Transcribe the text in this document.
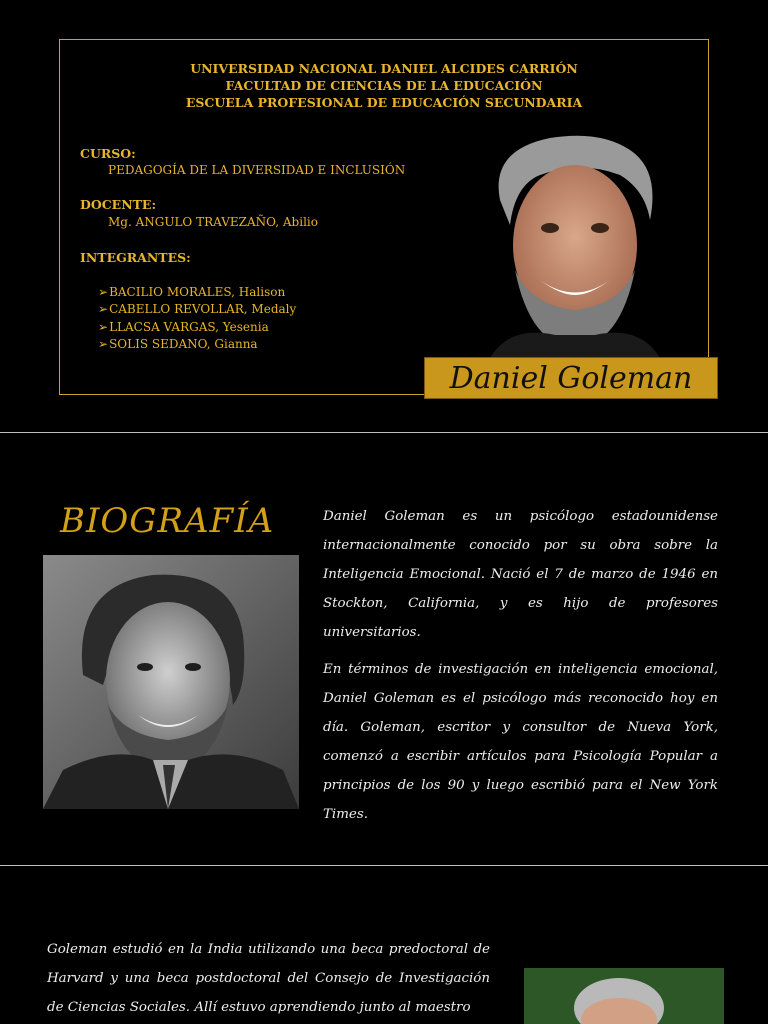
UNIVERSIDAD NACIONAL DANIEL ALCIDES CARRIÓN
FACULTAD DE CIENCIAS DE LA EDUCACIÓN
ESCUELA PROFESIONAL DE EDUCACIÓN SECUNDARIA
CURSO:
PEDAGOGÍA DE LA DIVERSIDAD E INCLUSIÓN
DOCENTE:
Mg. ANGULO TRAVEZAÑO, Abilio
INTEGRANTES:
➢ BACILIO MORALES, Halison
➢ CABELLO REVOLLAR, Medaly
➢ LLACSA VARGAS, Yesenia
➢ SOLIS SEDANO, Gianna
Daniel Goleman
BIOGRAFÍA	Daniel Goleman es un psicólogo estadounidense internacionalmente conocido por su obra sobre la Inteligencia Emocional. Nació el 7 de marzo de 1946 en Stockton, California, y es hijo de profesores universitarios.
En términos de investigación en inteligencia emocional, Daniel Goleman es el psicólogo más reconocido hoy en día. Goleman, escritor y consultor de Nueva York, comenzó a escribir artículos para Psicología Popular a principios de los 90 y luego escribió para el New York Times.
Goleman estudió en la India utilizando una beca predoctoral de Harvard y una beca postdoctoral del Consejo de Investigación de Ciencias Sociales. Allí estuvo aprendiendo junto al maestro
